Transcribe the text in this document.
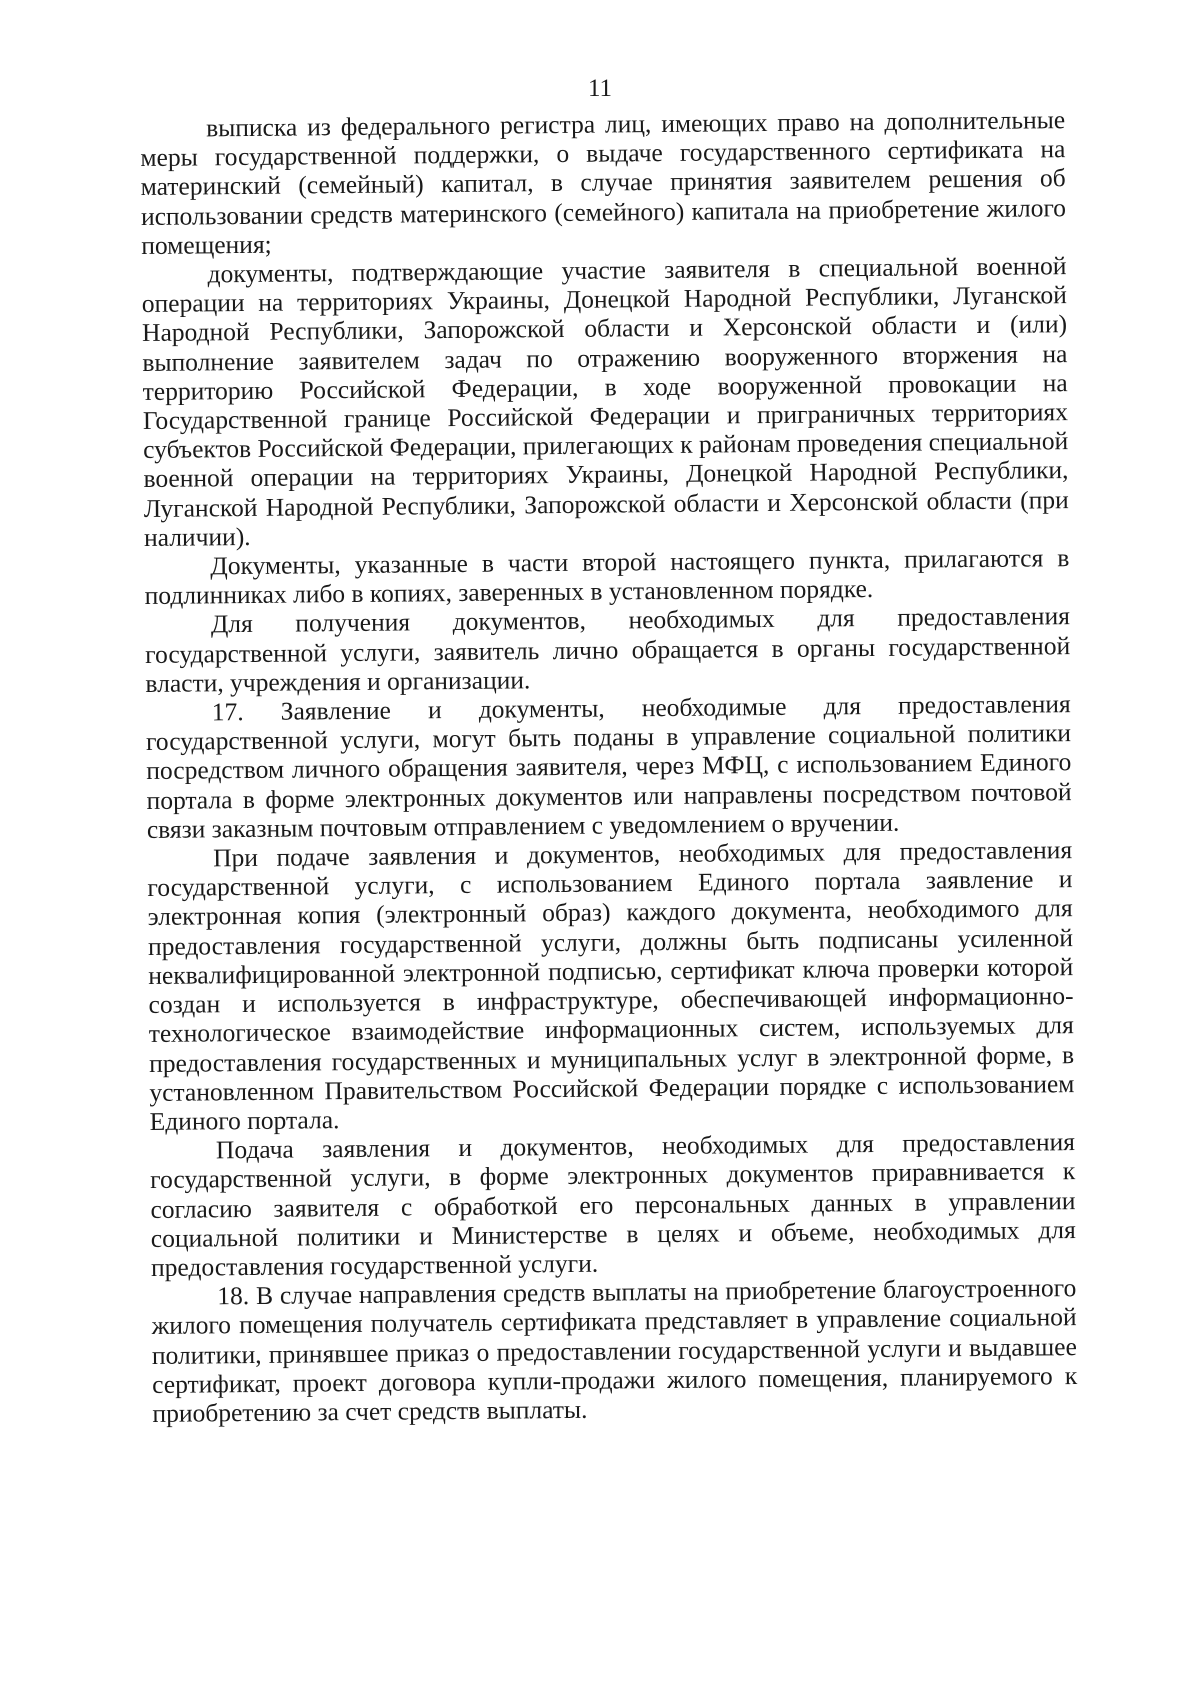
11

выписка из федерального регистра лиц, имеющих право на дополнительные меры государственной поддержки, о выдаче государственного сертификата на материнский (семейный) капитал, в случае принятия заявителем решения об использовании средств материнского (семейного) капитала на приобретение жилого помещения;

документы, подтверждающие участие заявителя в специальной военной операции на территориях Украины, Донецкой Народной Республики, Луганской Народной Республики, Запорожской области и Херсонской области и (или) выполнение заявителем задач по отражению вооруженного вторжения на территорию Российской Федерации, в ходе вооруженной провокации на Государственной границе Российской Федерации и приграничных территориях субъектов Российской Федерации, прилегающих к районам проведения специальной военной операции на территориях Украины, Донецкой Народной Республики, Луганской Народной Республики, Запорожской области и Херсонской области (при наличии).

Документы, указанные в части второй настоящего пункта, прилагаются в подлинниках либо в копиях, заверенных в установленном порядке.

Для получения документов, необходимых для предоставления государственной услуги, заявитель лично обращается в органы государственной власти, учреждения и организации.

17. Заявление и документы, необходимые для предоставления государственной услуги, могут быть поданы в управление социальной политики посредством личного обращения заявителя, через МФЦ, с использованием Единого портала в форме электронных документов или направлены посредством почтовой связи заказным почтовым отправлением с уведомлением о вручении.

При подаче заявления и документов, необходимых для предоставления государственной услуги, с использованием Единого портала заявление и электронная копия (электронный образ) каждого документа, необходимого для предоставления государственной услуги, должны быть подписаны усиленной неквалифицированной электронной подписью, сертификат ключа проверки которой создан и используется в инфраструктуре, обеспечивающей информационно-технологическое взаимодействие информационных систем, используемых для предоставления государственных и муниципальных услуг в электронной форме, в установленном Правительством Российской Федерации порядке с использованием Единого портала.

Подача заявления и документов, необходимых для предоставления государственной услуги, в форме электронных документов приравнивается к согласию заявителя с обработкой его персональных данных в управлении социальной политики и Министерстве в целях и объеме, необходимых для предоставления государственной услуги.

18. В случае направления средств выплаты на приобретение благоустроенного жилого помещения получатель сертификата представляет в управление социальной политики, принявшее приказ о предоставлении государственной услуги и выдавшее сертификат, проект договора купли-продажи жилого помещения, планируемого к приобретению за счет средств выплаты.
